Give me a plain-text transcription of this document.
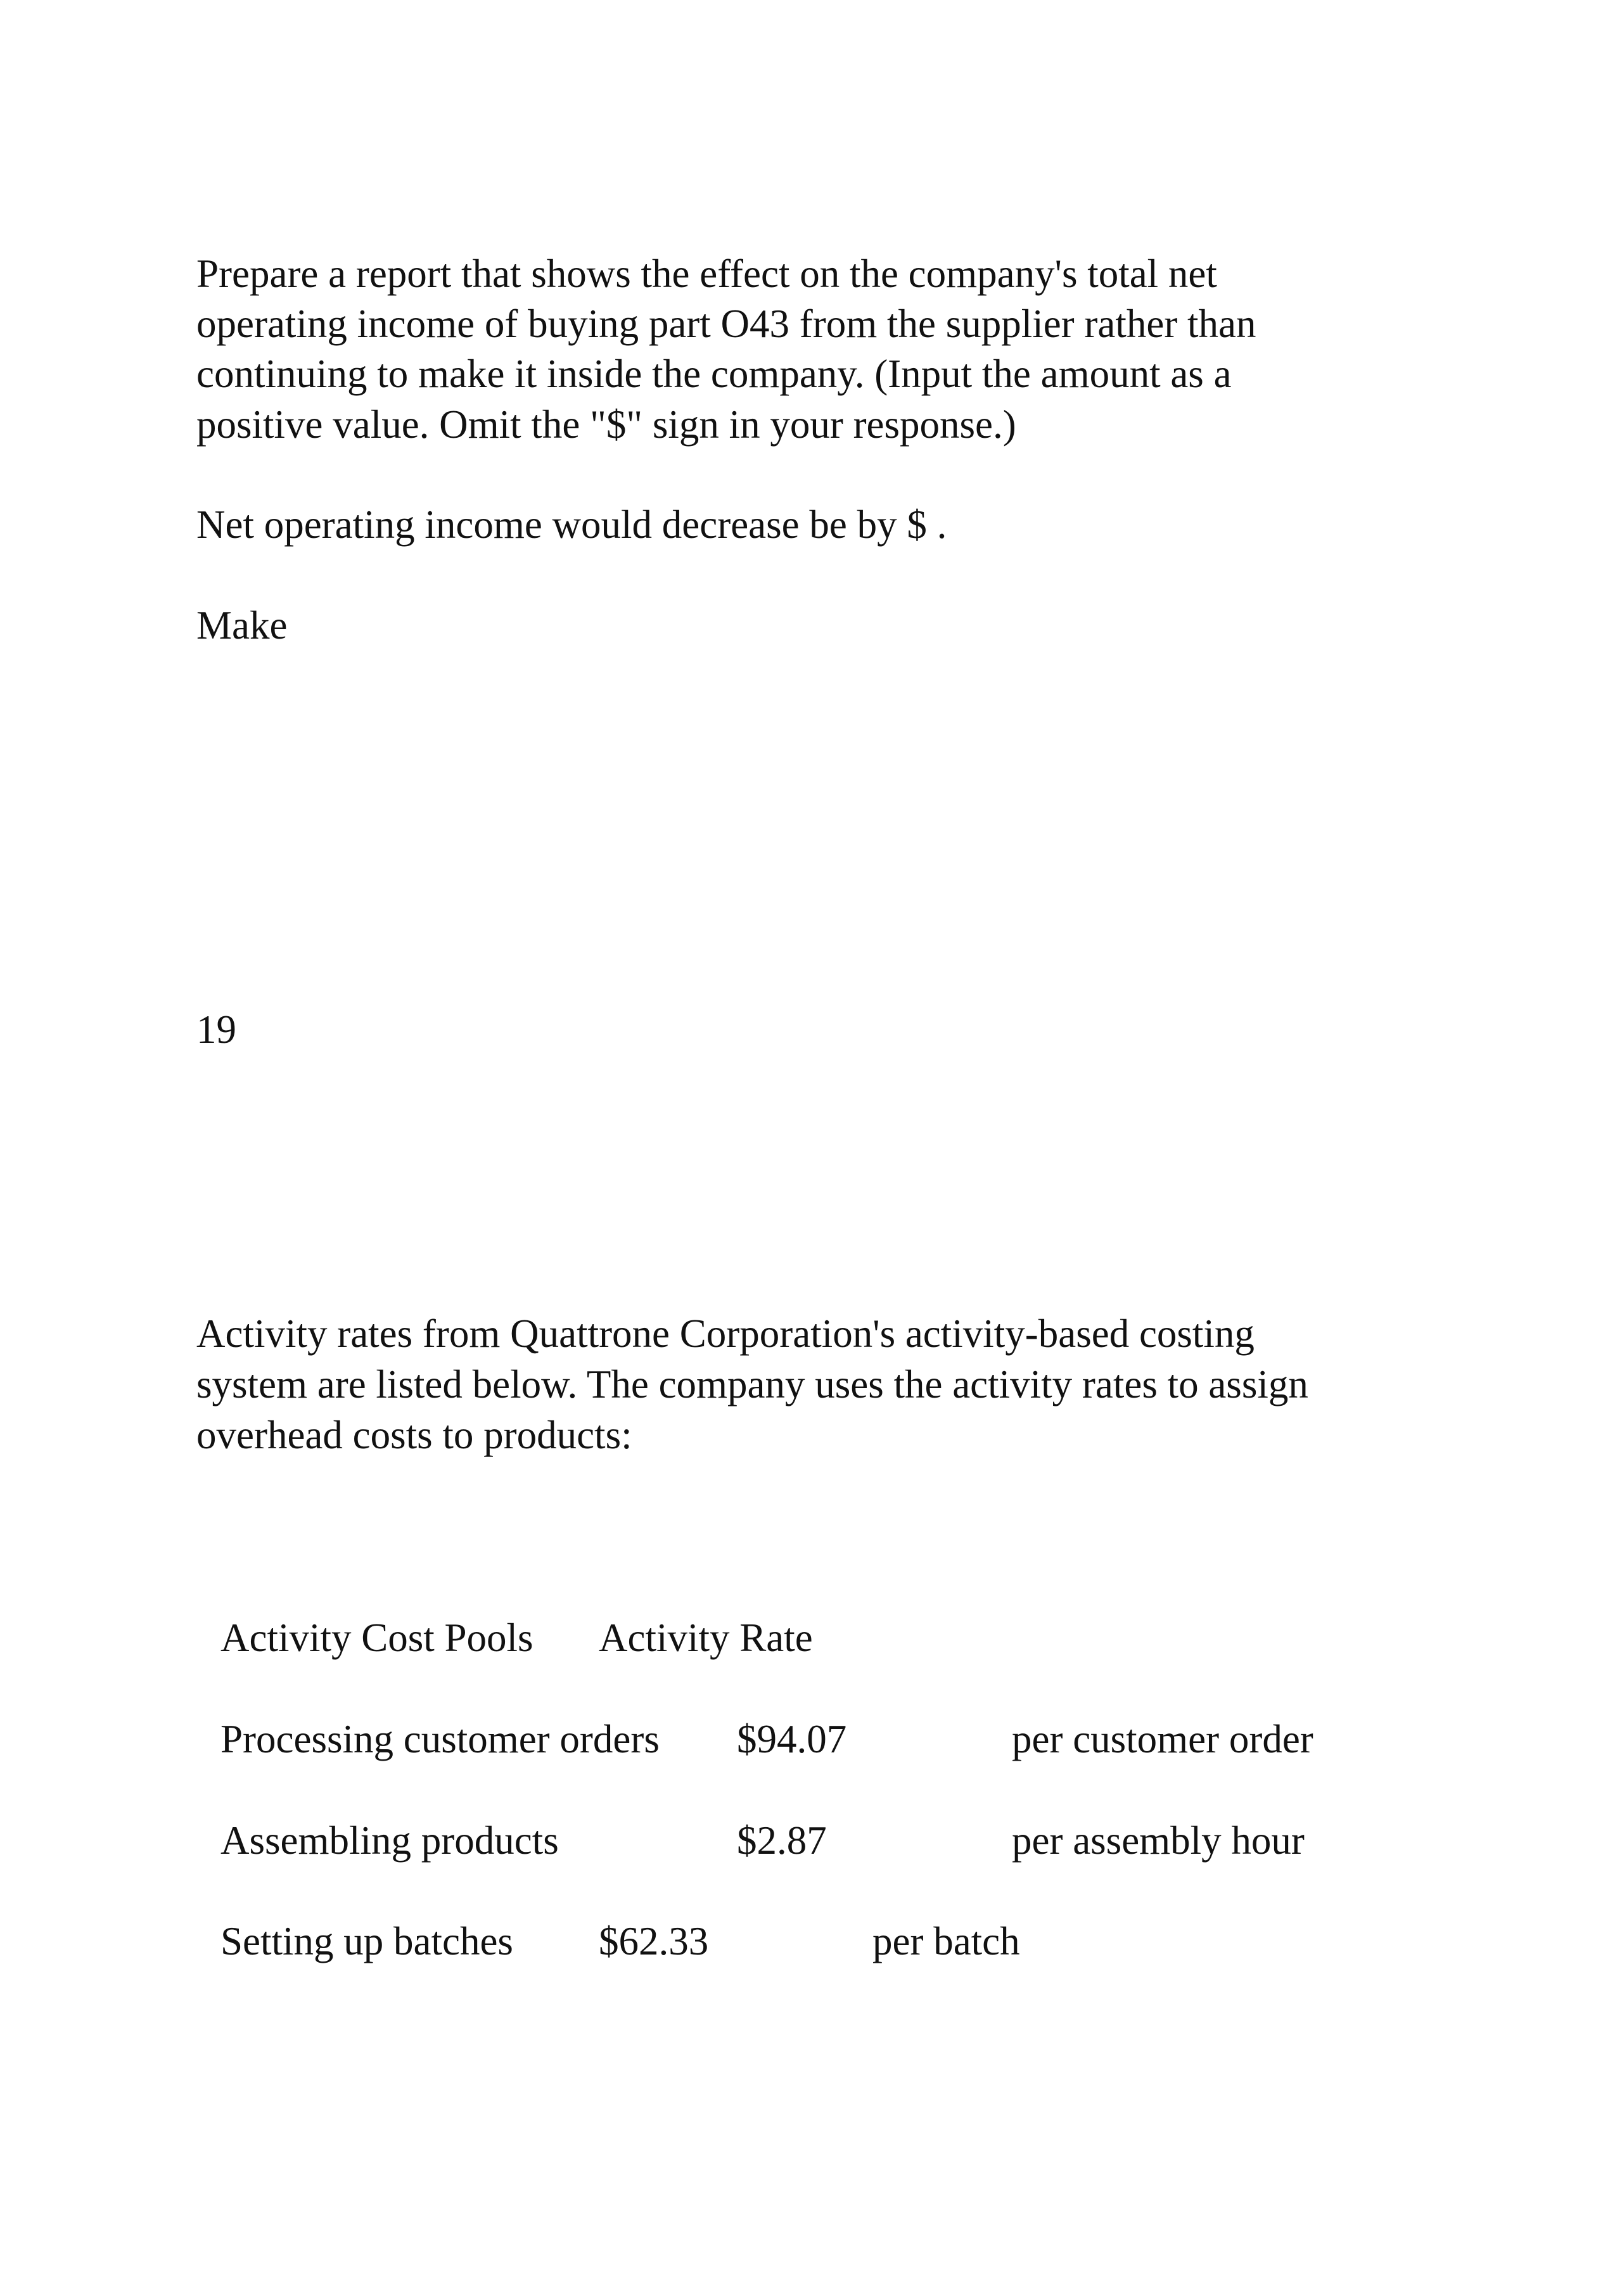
Prepare a report that shows the effect on the company's total net

operating income of buying part O43 from the supplier rather than

continuing to make it inside the company. (Input the amount as a

positive value. Omit the "$" sign in your response.)

Net operating income would decrease be by $ .

Make

19

Activity rates from Quattrone Corporation's activity-based costing

system are listed below. The company uses the activity rates to assign

overhead costs to products:

Activity Cost Pools Activity Rate
Processing customer orders $94.07	per customer order
Assembling products	$2.87	per assembly hour
Setting up batches $62.33	per batch
